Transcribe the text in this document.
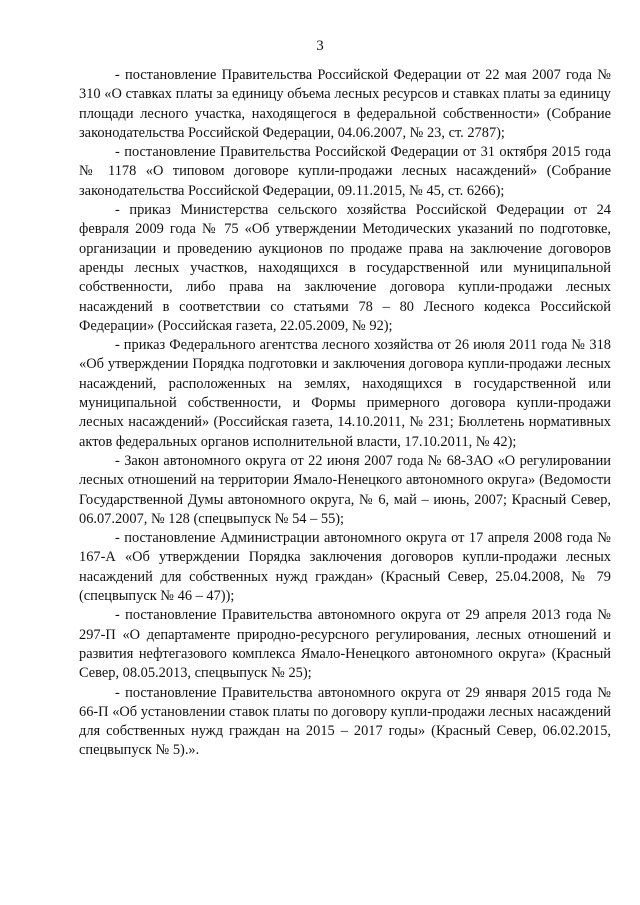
3

- постановление Правительства Российской Федерации от 22 мая 2007 года № 310 «О ставках платы за единицу объема лесных ресурсов и ставках платы за единицу площади лесного участка, находящегося в федеральной собственности» (Собрание законодательства Российской Федерации, 04.06.2007, № 23, ст. 2787);

- постановление Правительства Российской Федерации от 31 октября 2015 года № 1178 «О типовом договоре купли-продажи лесных насаждений» (Собрание законодательства Российской Федерации, 09.11.2015, № 45, ст. 6266);

- приказ Министерства сельского хозяйства Российской Федерации от 24 февраля 2009 года № 75 «Об утверждении Методических указаний по подготовке, организации и проведению аукционов по продаже права на заключение договоров аренды лесных участков, находящихся в государственной или муниципальной собственности, либо права на заключение договора купли-продажи лесных насаждений в соответствии со статьями 78 – 80 Лесного кодекса Российской Федерации» (Российская газета, 22.05.2009, № 92);

- приказ Федерального агентства лесного хозяйства от 26 июля 2011 года № 318 «Об утверждении Порядка подготовки и заключения договора купли-продажи лесных насаждений, расположенных на землях, находящихся в государственной или муниципальной собственности, и Формы примерного договора купли-продажи лесных насаждений» (Российская газета, 14.10.2011, № 231; Бюллетень нормативных актов федеральных органов исполнительной власти, 17.10.2011, № 42);

- Закон автономного округа от 22 июня 2007 года № 68-ЗАО «О регулировании лесных отношений на территории Ямало-Ненецкого автономного округа» (Ведомости Государственной Думы автономного округа, № 6, май – июнь, 2007; Красный Север, 06.07.2007, № 128 (спецвыпуск № 54 – 55);

- постановление Администрации автономного округа от 17 апреля 2008 года № 167-А «Об утверждении Порядка заключения договоров купли-продажи лесных насаждений для собственных нужд граждан» (Красный Север, 25.04.2008, № 79 (спецвыпуск № 46 – 47));

- постановление Правительства автономного округа от 29 апреля 2013 года № 297-П «О департаменте природно-ресурсного регулирования, лесных отношений и развития нефтегазового комплекса Ямало-Ненецкого автономного округа» (Красный Север, 08.05.2013, спецвыпуск № 25);

- постановление Правительства автономного округа от 29 января 2015 года № 66-П «Об установлении ставок платы по договору купли-продажи лесных насаждений для собственных нужд граждан на 2015 – 2017 годы» (Красный Север, 06.02.2015, спецвыпуск № 5).».
